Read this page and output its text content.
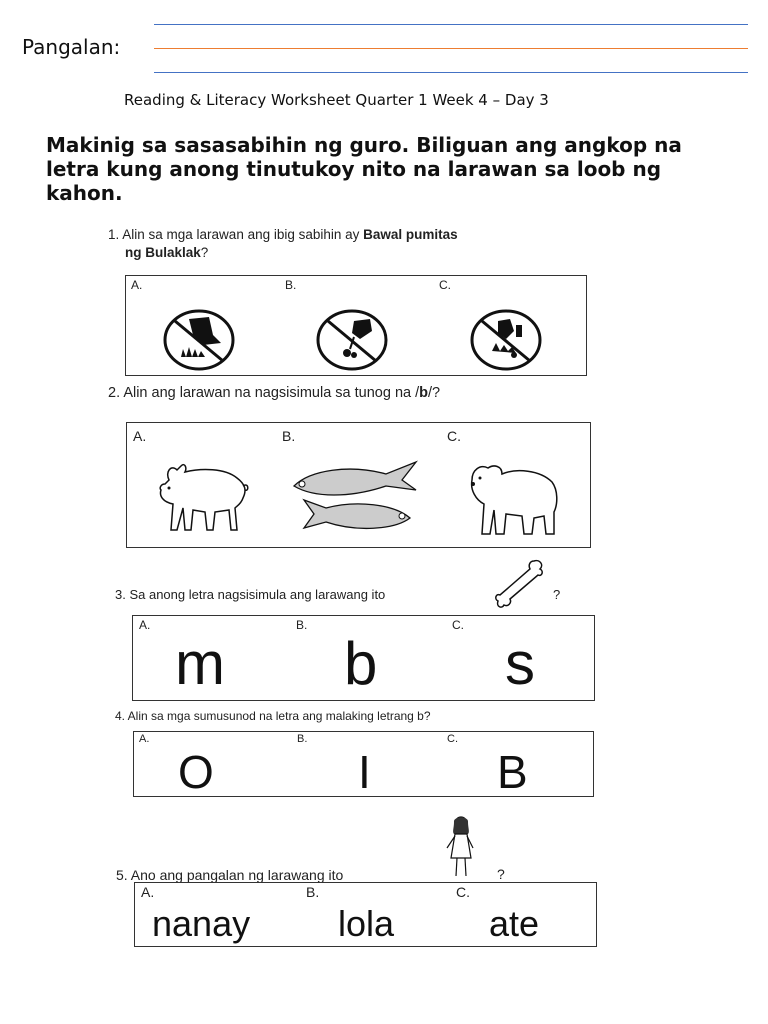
Pangalan:
Reading & Literacy Worksheet Quarter 1 Week 4 – Day 3
Makinig sa sasasabihin ng guro. Biliguan ang angkop na letra kung anong tinutukoy nito na larawan sa loob ng kahon.
1. Alin sa mga larawan ang ibig sabihin ay Bawal pumitas
ng Bulaklak?
A.	B.	C.
2. Alin ang larawan na nagsisimula sa tunog na /b/?
A.	B.	C.
3. Sa anong letra nagsisimula ang larawang ito	?
A.	B.	C.
m b s
4. Alin sa mga sumusunod na letra ang malaking letrang b?
A.	B.	C.
O	I	B
5. Ano ang pangalan ng larawang ito	?
A.	B.	C.
nanay lola	ate
